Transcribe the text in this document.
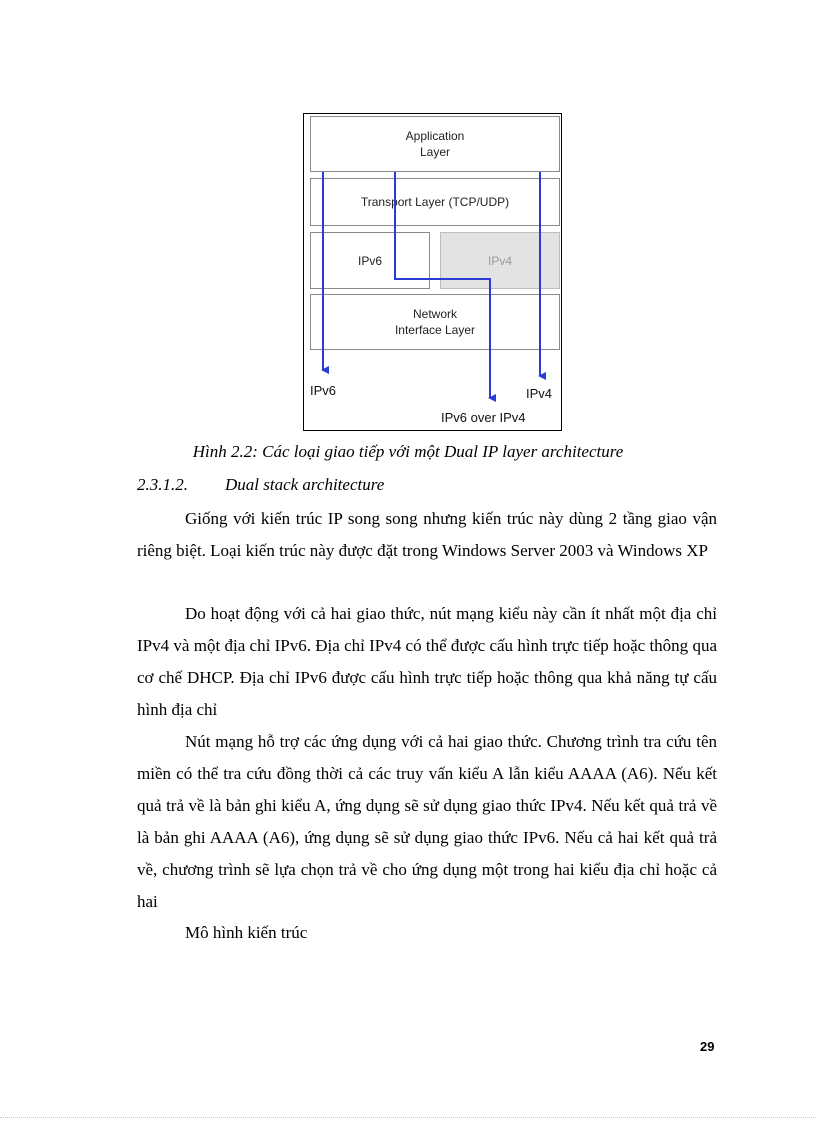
Application
Layer
Transport Layer (TCP/UDP)
IPv6	IPv4
Network
Interface Layer
IPv6	IPv4
IPv6 over IPv4
Hình 2.2: Các loại giao tiếp với một Dual IP layer architecture
2.3.1.2. Dual stack architecture

Giống với kiến trúc IP song song nhưng kiến trúc này dùng 2 tầng giao vận riêng biệt. Loại kiến trúc này được đặt trong Windows Server 2003 và Windows XP

Do hoạt động với cả hai giao thức, nút mạng kiểu này cần ít nhất một địa chỉ IPv4 và một địa chỉ IPv6. Địa chỉ IPv4 có thể được cấu hình trực tiếp hoặc thông qua cơ chế DHCP. Địa chỉ IPv6 được cấu hình trực tiếp hoặc thông qua khả năng tự cấu hình địa chỉ

Nút mạng hỗ trợ các ứng dụng với cả hai giao thức. Chương trình tra cứu tên miền có thể tra cứu đồng thời cả các truy vấn kiểu A lẫn kiểu AAAA (A6). Nếu kết quả trả về là bản ghi kiểu A, ứng dụng sẽ sử dụng giao thức IPv4. Nếu kết quả trả về là bản ghi AAAA (A6), ứng dụng sẽ sử dụng giao thức IPv6. Nếu cả hai kết quả trả về, chương trình sẽ lựa chọn trả về cho ứng dụng một trong hai kiểu địa chỉ hoặc cả hai

Mô hình kiến trúc

29
